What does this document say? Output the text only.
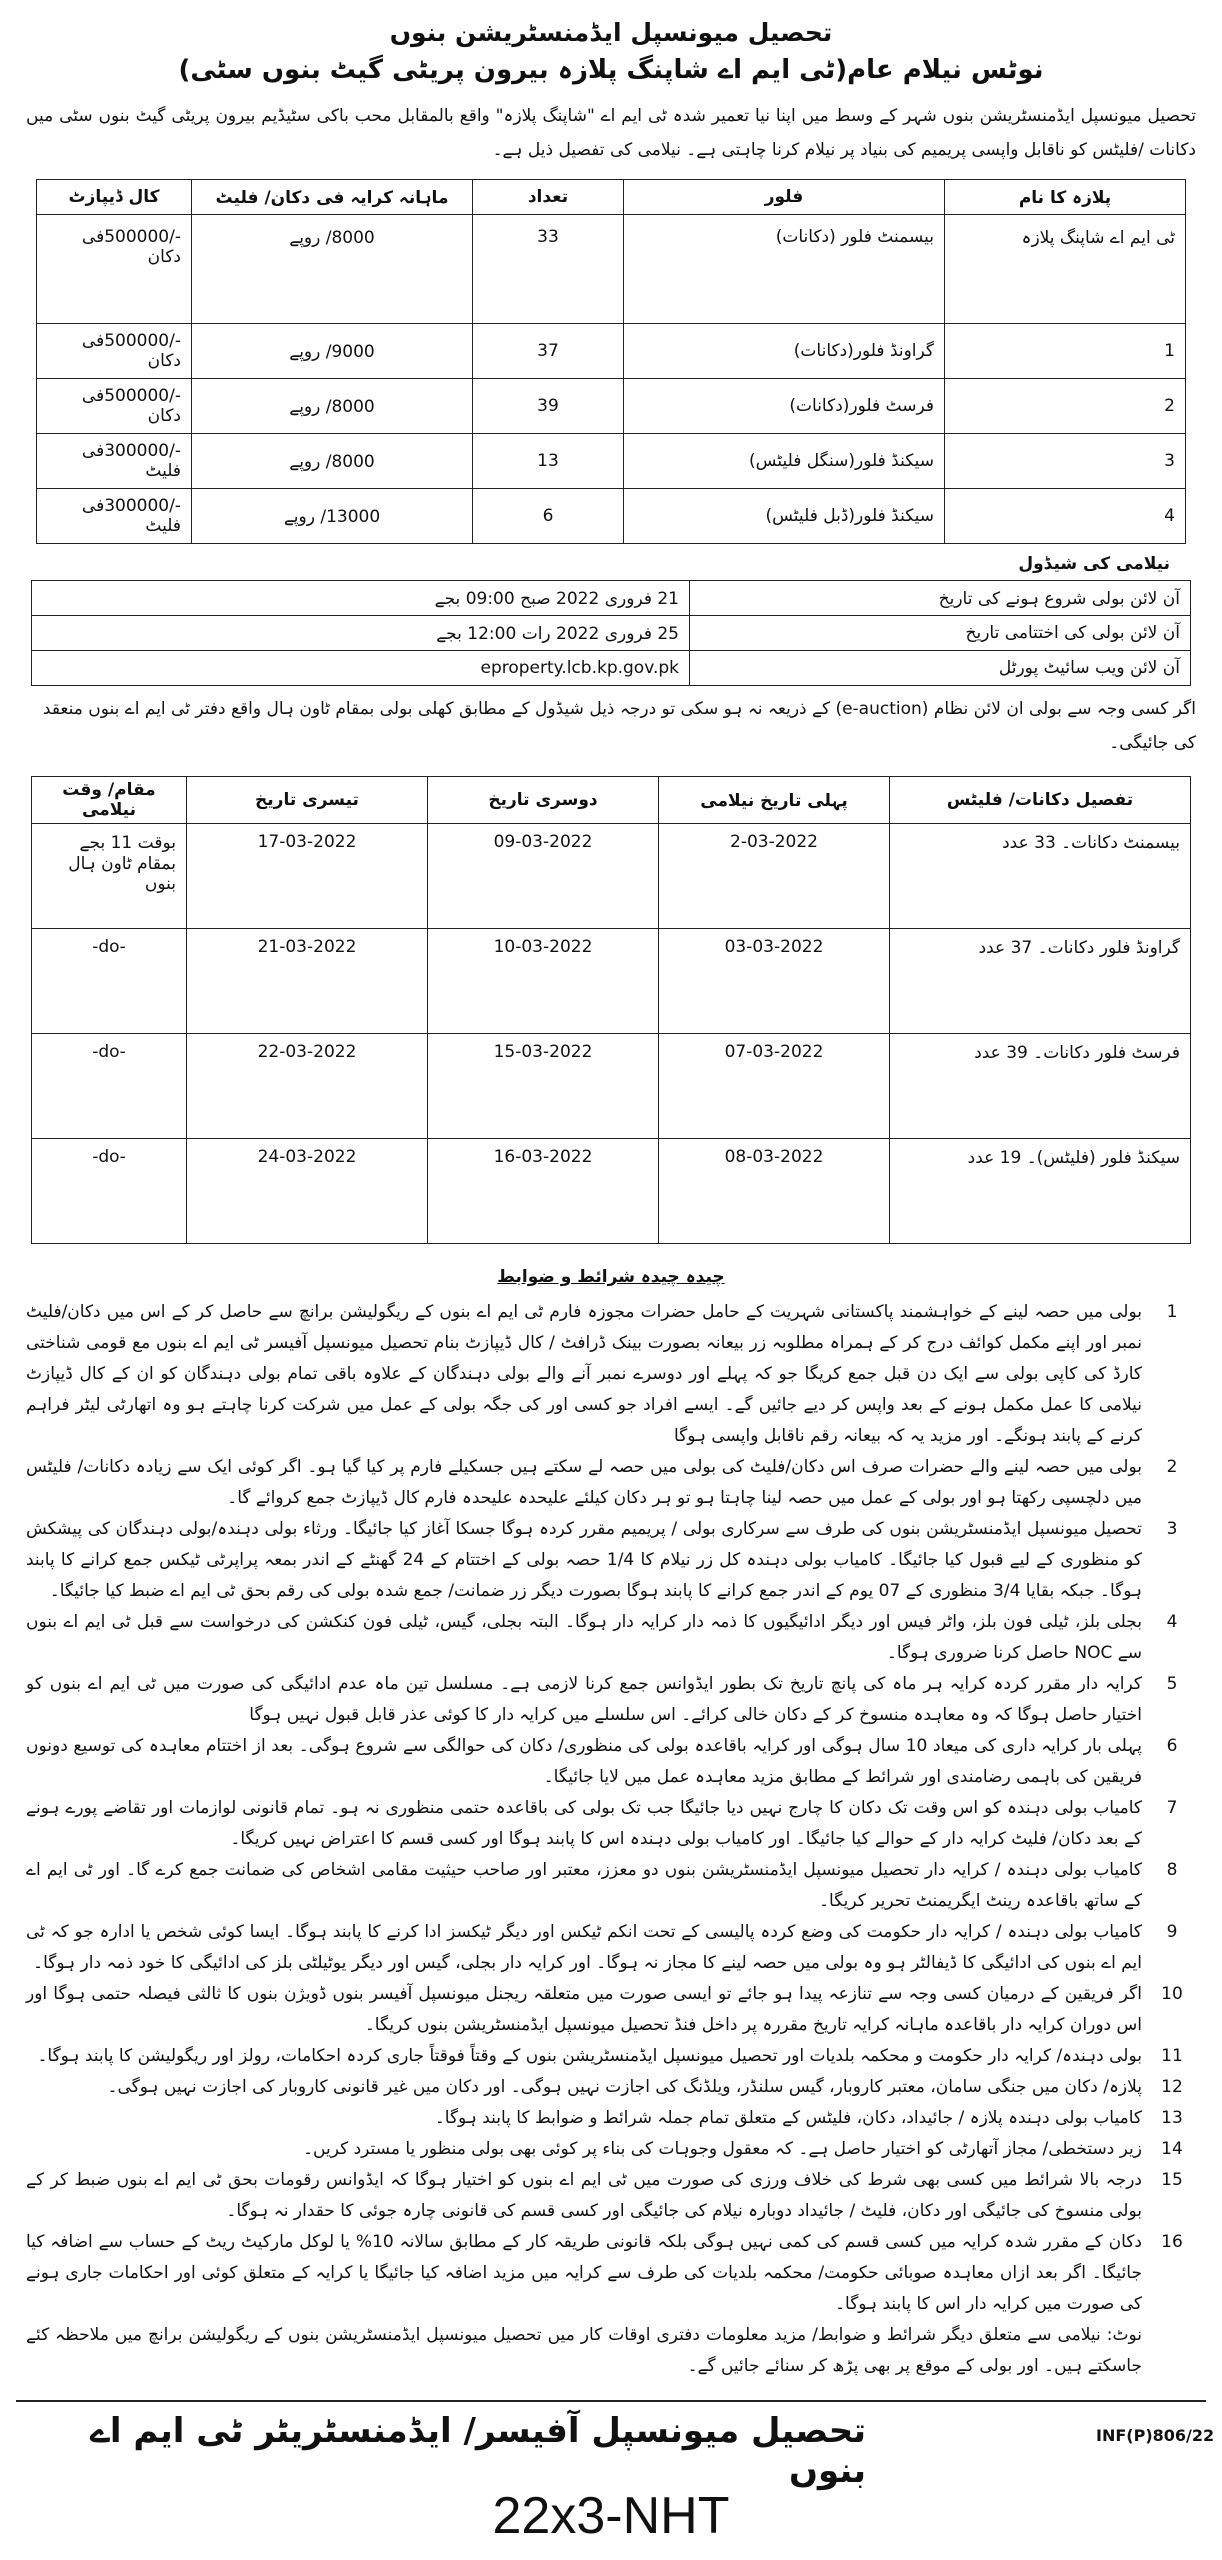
تحصیل میونسپل ایڈمنسٹریشن بنوں
نوٹس نیلام عام(ٹی ایم اے شاپنگ پلازہ بیرون پریٹی گیٹ بنوں سٹی)
تحصیل میونسپل ایڈمنسٹریشن بنوں شہر کے وسط میں اپنا نیا تعمیر شدہ ٹی ایم اے "شاپنگ پلازہ" واقع بالمقابل محب باکی سٹیڈیم بیرون پریٹی گیٹ بنوں سٹی میں دکانات /فلیٹس کو ناقابل واپسی پریمیم کی بنیاد پر نیلام کرنا چاہتی ہے۔ نیلامی کی تفصیل ذیل ہے۔
پلازہ کا نام	فلور	تعداد	ماہانہ کرایہ فی دکان/ فلیٹ	کال ڈیپازٹ
ٹی ایم اے شاپنگ پلازہ	بیسمنٹ فلور (دکانات)	33	8000/ روپے	-/500000فی دکان
1	گراونڈ فلور(دکانات)	37	9000/ روپے	-/500000فی دکان
2	فرسٹ فلور(دکانات)	39	8000/ روپے	-/500000فی دکان
3	سیکنڈ فلور(سنگل فلیٹس)	13	8000/ روپے	-/300000فی فلیٹ
4	سیکنڈ فلور(ڈبل فلیٹس)	6	13000/ روپے	-/300000فی فلیٹ
نیلامی کی شیڈول
آن لائن بولی شروع ہونے کی تاریخ	21 فروری 2022 صبح 09:00 بجے
آن لائن بولی کی اختتامی تاریخ	25 فروری 2022 رات 12:00 بجے
آن لائن ویب سائیٹ پورٹل	eproperty.lcb.kp.gov.pk
اگر کسی وجہ سے بولی ان لائن نظام (e-auction) کے ذریعہ نہ ہو سکی تو درجہ ذیل شیڈول کے مطابق کھلی بولی بمقام ٹاون ہال واقع دفتر ٹی ایم اے بنوں منعقد کی جائیگی۔
تفصیل دکانات/ فلیٹس	پہلی تاریخ نیلامی	دوسری تاریخ	تیسری تاریخ	مقام/ وقت نیلامی
بیسمنٹ دکانات۔ 33 عدد	2-03-2022	09-03-2022	17-03-2022	بوقت 11 بجے بمقام ٹاون ہال بنوں
گراونڈ فلور دکانات۔ 37 عدد	03-03-2022	10-03-2022	21-03-2022	-do-
فرسٹ فلور دکانات۔ 39 عدد	07-03-2022	15-03-2022	22-03-2022	-do-
سیکنڈ فلور (فلیٹس)۔ 19 عدد	08-03-2022	16-03-2022	24-03-2022	-do-
چیدہ چیدہ شرائط و ضوابط
1
بولی میں حصہ لینے کے خواہشمند پاکستانی شہریت کے حامل حضرات مجوزہ فارم ٹی ایم اے بنوں کے ریگولیشن برانچ سے حاصل کر کے اس میں دکان/فلیٹ نمبر اور اپنے مکمل کوائف درج کر کے ہمراہ مطلوبہ زر بیعانہ بصورت بینک ڈرافٹ / کال ڈیپازٹ بنام تحصیل میونسپل آفیسر ٹی ایم اے بنوں مع قومی شناختی کارڈ کی کاپی بولی سے ایک دن قبل جمع کریگا جو کہ پہلے اور دوسرے نمبر آنے والے بولی دہندگان کے علاوہ باقی تمام بولی دہندگان کو ان کے کال ڈیپازٹ نیلامی کا عمل مکمل ہونے کے بعد واپس کر دیے جائیں گے۔ ایسے افراد جو کسی اور کی جگہ بولی کے عمل میں شرکت کرنا چاہتے ہو وہ اتھارٹی لیٹر فراہم کرنے کے پابند ہونگے۔ اور مزید یہ کہ بیعانہ رقم ناقابل واپسی ہوگا
2
بولی میں حصہ لینے والے حضرات صرف اس دکان/فلیٹ کی بولی میں حصہ لے سکتے ہیں جسکیلے فارم پر کیا گیا ہو۔ اگر کوئی ایک سے زیادہ دکانات/ فلیٹس میں دلچسپی رکھتا ہو اور بولی کے عمل میں حصہ لینا چاہتا ہو تو ہر دکان کیلئے علیحدہ علیحدہ فارم کال ڈیپازٹ جمع کروائے گا۔
3
تحصیل میونسپل ایڈمنسٹریشن بنوں کی طرف سے سرکاری بولی / پریمیم مقرر کردہ ہوگا جسکا آغاز کیا جائیگا۔ ورثاء بولی دہندہ/بولی دہندگان کی پیشکش کو منظوری کے لیے قبول کیا جائیگا۔ کامیاب بولی دہندہ کل زر نیلام کا 1/4 حصہ بولی کے اختتام کے 24 گھنٹے کے اندر بمعہ پراپرٹی ٹیکس جمع کرانے کا پابند ہوگا۔ جبکہ بقایا 3/4 منظوری کے 07 یوم کے اندر جمع کرانے کا پابند ہوگا بصورت دیگر زر ضمانت/ جمع شدہ بولی کی رقم بحق ٹی ایم اے ضبط کیا جائیگا۔
4
بجلی بلز، ٹیلی فون بلز، واٹر فیس اور دیگر ادائیگیوں کا ذمہ دار کرایہ دار ہوگا۔ البتہ بجلی، گیس، ٹیلی فون کنکشن کی درخواست سے قبل ٹی ایم اے بنوں سے NOC حاصل کرنا ضروری ہوگا۔
5
کرایہ دار مقرر کردہ کرایہ ہر ماہ کی پانچ تاریخ تک بطور ایڈوانس جمع کرنا لازمی ہے۔ مسلسل تین ماہ عدم ادائیگی کی صورت میں ٹی ایم اے بنوں کو اختیار حاصل ہوگا کہ وہ معاہدہ منسوخ کر کے دکان خالی کرائے۔ اس سلسلے میں کرایہ دار کا کوئی عذر قابل قبول نہیں ہوگا
6
پہلی بار کرایہ داری کی میعاد 10 سال ہوگی اور کرایہ باقاعدہ بولی کی منظوری/ دکان کی حوالگی سے شروع ہوگی۔ بعد از اختتام معاہدہ کی توسیع دونوں فریقین کی باہمی رضامندی اور شرائط کے مطابق مزید معاہدہ عمل میں لایا جائیگا۔
7
کامیاب بولی دہندہ کو اس وقت تک دکان کا چارج نہیں دیا جائیگا جب تک بولی کی باقاعدہ حتمی منظوری نہ ہو۔ تمام قانونی لوازمات اور تقاضے پورے ہونے کے بعد دکان/ فلیٹ کرایہ دار کے حوالے کیا جائیگا۔ اور کامیاب بولی دہندہ اس کا پابند ہوگا اور کسی قسم کا اعتراض نہیں کریگا۔
8
کامیاب بولی دہندہ / کرایہ دار تحصیل میونسپل ایڈمنسٹریشن بنوں دو معزز، معتبر اور صاحب حیثیت مقامی اشخاص کی ضمانت جمع کرے گا۔ اور ٹی ایم اے کے ساتھ باقاعدہ رینٹ ایگریمنٹ تحریر کریگا۔
9
کامیاب بولی دہندہ / کرایہ دار حکومت کی وضع کردہ پالیسی کے تحت انکم ٹیکس اور دیگر ٹیکسز ادا کرنے کا پابند ہوگا۔ ایسا کوئی شخص یا ادارہ جو کہ ٹی ایم اے بنوں کی ادائیگی کا ڈیفالٹر ہو وہ بولی میں حصہ لینے کا مجاز نہ ہوگا۔ اور کرایہ دار بجلی، گیس اور دیگر یوٹیلٹی بلز کی ادائیگی کا خود ذمہ دار ہوگا۔
10
اگر فریقین کے درمیان کسی وجہ سے تنازعہ پیدا ہو جائے تو ایسی صورت میں متعلقہ ریجنل میونسپل آفیسر بنوں ڈویژن بنوں کا ثالثی فیصلہ حتمی ہوگا اور اس دوران کرایہ دار باقاعدہ ماہانہ کرایہ تاریخ مقررہ پر داخل فنڈ تحصیل میونسپل ایڈمنسٹریشن بنوں کریگا۔
11
بولی دہندہ/ کرایہ دار حکومت و محکمہ بلدیات اور تحصیل میونسپل ایڈمنسٹریشن بنوں کے وقتاً فوقتاً جاری کردہ احکامات، رولز اور ریگولیشن کا پابند ہوگا۔
12
پلازہ/ دکان میں جنگی سامان، معتبر کاروبار، گیس سلنڈر، ویلڈنگ کی اجازت نہیں ہوگی۔ اور دکان میں غیر قانونی کاروبار کی اجازت نہیں ہوگی۔
13
کامیاب بولی دہندہ پلازہ / جائیداد، دکان، فلیٹس کے متعلق تمام جملہ شرائط و ضوابط کا پابند ہوگا۔
14
زیر دستخطی/ مجاز آتھارٹی کو اختیار حاصل ہے۔ کہ معقول وجوہات کی بناء پر کوئی بھی بولی منظور یا مسترد کریں۔
15
درجہ بالا شرائط میں کسی بھی شرط کی خلاف ورزی کی صورت میں ٹی ایم اے بنوں کو اختیار ہوگا کہ ایڈوانس رقومات بحق ٹی ایم اے بنوں ضبط کر کے بولی منسوخ کی جائیگی اور دکان، فلیٹ / جائیداد دوبارہ نیلام کی جائیگی اور کسی قسم کی قانونی چارہ جوئی کا حقدار نہ ہوگا۔
16
دکان کے مقرر شدہ کرایہ میں کسی قسم کی کمی نہیں ہوگی بلکہ قانونی طریقہ کار کے مطابق سالانہ 10% یا لوکل مارکیٹ ریٹ کے حساب سے اضافہ کیا جائیگا۔ اگر بعد ازاں معاہدہ صوبائی حکومت/ محکمہ بلدیات کی طرف سے کرایہ میں مزید اضافہ کیا جائیگا یا کرایہ کے متعلق کوئی اور احکامات جاری ہونے کی صورت میں کرایہ دار اس کا پابند ہوگا۔
نوٹ: نیلامی سے متعلق دیگر شرائط و ضوابط/ مزید معلومات دفتری اوقات کار میں تحصیل میونسپل ایڈمنسٹریشن بنوں کے ریگولیشن برانچ میں ملاحظہ کئے جاسکتے ہیں۔ اور بولی کے موقع پر بھی پڑھ کر سنائے جائیں گے۔
تحصیل میونسپل آفیسر/ ایڈمنسٹریٹر ٹی ایم اے بنوں
INF(P)806/22
22x3-NHT
